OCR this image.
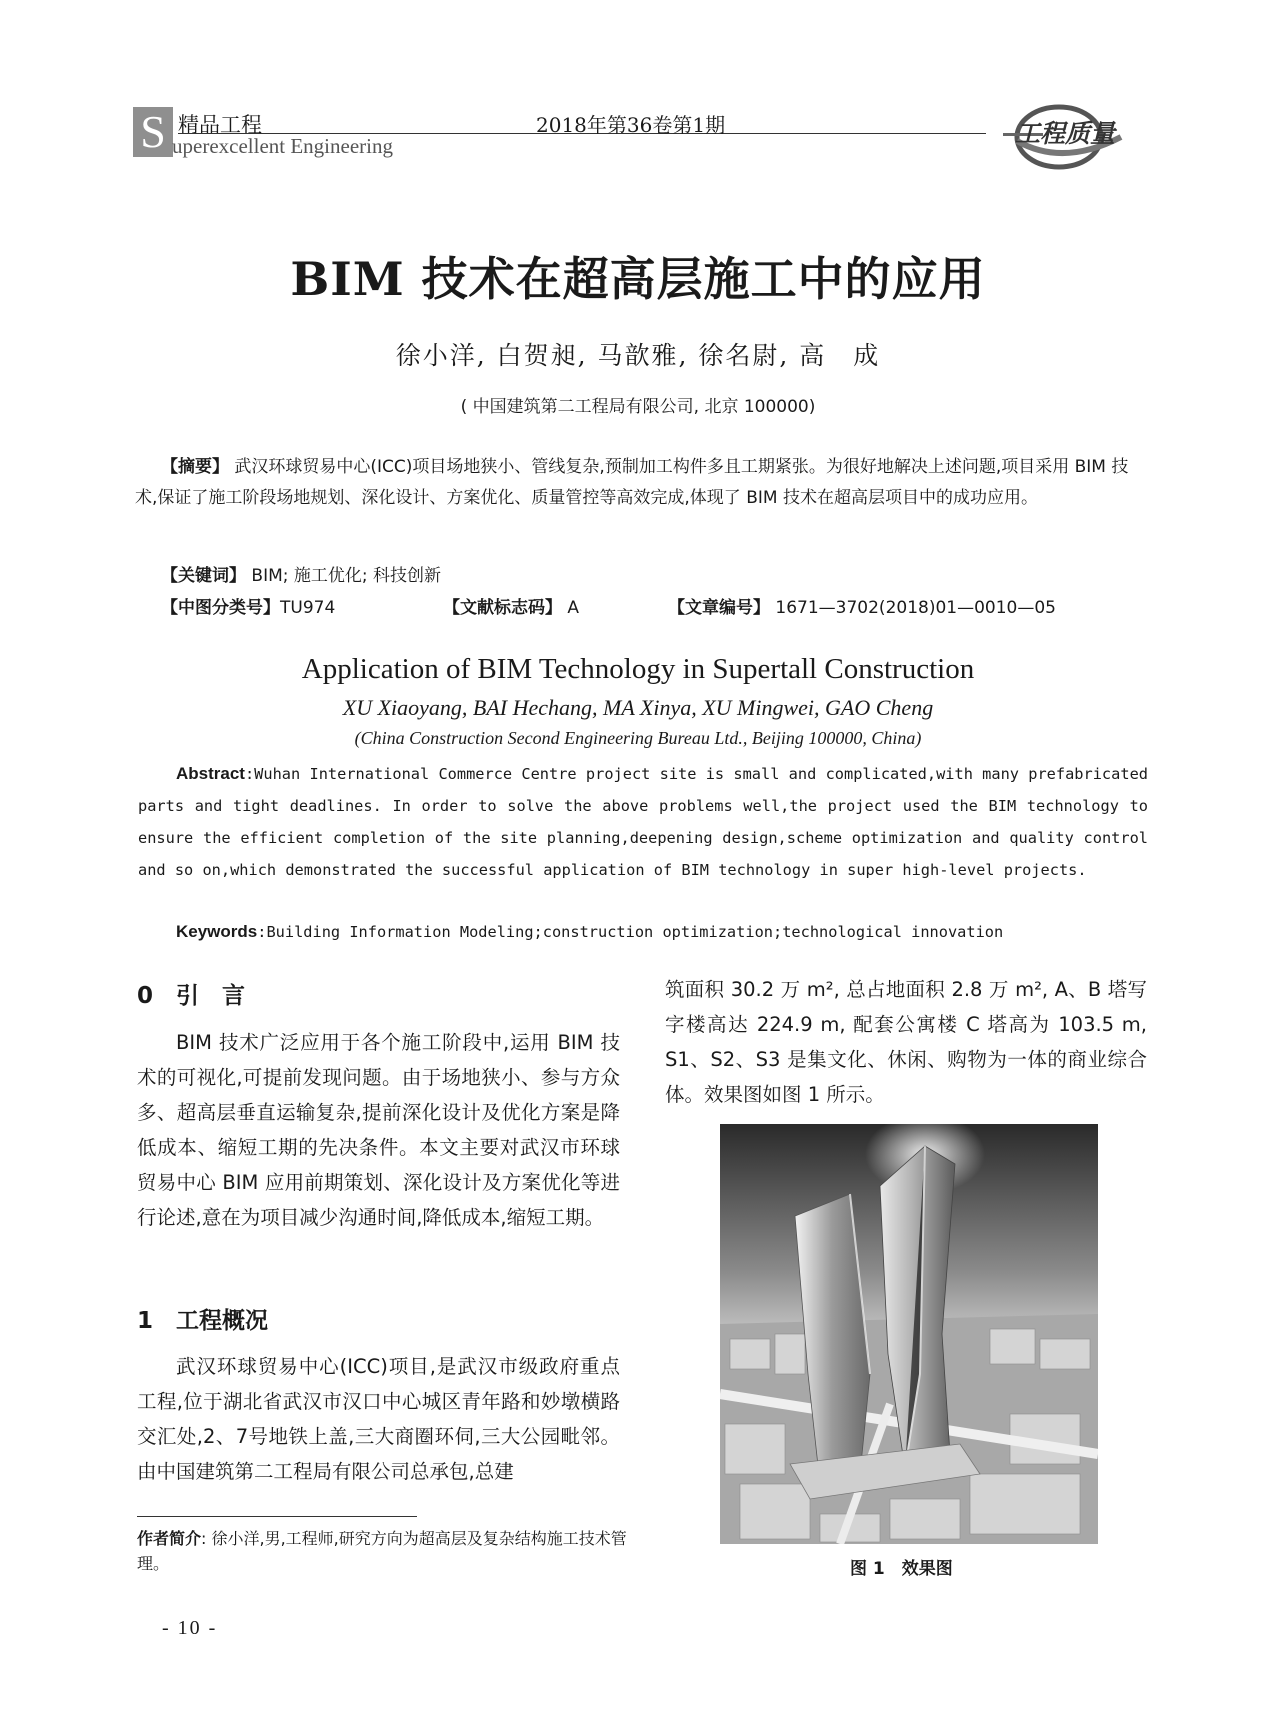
S 精品工程
uperexcellent Engineering
2018年第36卷第1期	工程质量
BIM 技术在超高层施工中的应用
徐小洋, 白贺昶, 马歆雅, 徐名尉, 高　成
( 中国建筑第二工程局有限公司, 北京 100000)
【摘要】 武汉环球贸易中心(ICC)项目场地狭小、管线复杂,预制加工构件多且工期紧张。为很好地解决上述问题,项目采用 BIM 技术,保证了施工阶段场地规划、深化设计、方案优化、质量管控等高效完成,体现了 BIM 技术在超高层项目中的成功应用。
【关键词】 BIM; 施工优化; 科技创新
【中图分类号】TU974	【文献标志码】 A	【文章编号】 1671—3702(2018)01—0010—05
Application of BIM Technology in Supertall Construction
XU Xiaoyang, BAI Hechang, MA Xinya, XU Mingwei, GAO Cheng
(China Construction Second Engineering Bureau Ltd., Beijing 100000, China)
Abstract:Wuhan International Commerce Centre project site is small and complicated,with many prefabricated parts and tight deadlines. In order to solve the above problems well,the project used the BIM technology to ensure the efficient completion of the site planning,deepening design,scheme optimization and quality control and so on,which demonstrated the successful application of BIM technology in super high-level projects.
Keywords:Building Information Modeling;construction optimization;technological innovation
0　引　言
BIM 技术广泛应用于各个施工阶段中,运用 BIM 技术的可视化,可提前发现问题。由于场地狭小、参与方众多、超高层垂直运输复杂,提前深化设计及优化方案是降低成本、缩短工期的先决条件。本文主要对武汉市环球贸易中心 BIM 应用前期策划、深化设计及方案优化等进行论述,意在为项目减少沟通时间,降低成本,缩短工期。
1　工程概况
武汉环球贸易中心(ICC)项目,是武汉市级政府重点工程,位于湖北省武汉市汉口中心城区青年路和妙墩横路交汇处,2、7号地铁上盖,三大商圈环伺,三大公园毗邻。由中国建筑第二工程局有限公司总承包,总建
作者简介: 徐小洋,男,工程师,研究方向为超高层及复杂结构施工技术管理。
筑面积 30.2 万 m², 总占地面积 2.8 万 m², A、B 塔写字楼高达 224.9 m, 配套公寓楼 C 塔高为 103.5 m, S1、S2、S3 是集文化、休闲、购物为一体的商业综合体。效果图如图 1 所示。
图 1　效果图
- 10 -
